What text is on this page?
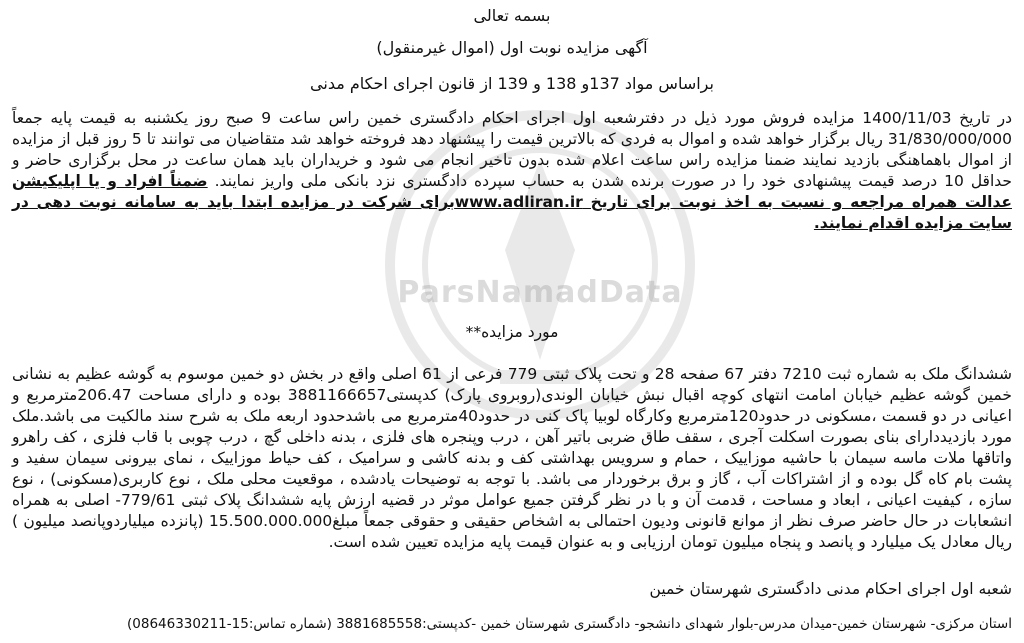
ParsNamadData
بسمه تعالی
آگهی مزایده نوبت اول (اموال غیرمنقول)
براساس مواد 137و 138 و 139 از قانون اجرای احکام مدنی
در تاریخ 1400/11/03 مزایده فروش مورد ذیل در دفترشعبه اول اجرای احکام دادگستری خمین راس ساعت 9 صبح روز یکشنبه به قیمت پایه جمعاً 31/830/000/000 ریال برگزار خواهد شده و اموال به فردی که بالاترین قیمت را پیشنهاد دهد فروخته خواهد شد متقاضیان می توانند تا 5 روز قبل از مزایده از اموال باهماهنگی بازدید نمایند ضمنا مزایده راس ساعت اعلام شده بدون تاخیر انجام می شود و خریداران باید همان ساعت در محل برگزاری حاضر و حداقل 10 درصد قیمت پیشنهادی خود را در صورت برنده شدن به حساب سپرده دادگستری نزد بانکی ملی واریز نمایند. ضمناً افراد و یا اپلیکیشن عدالت همراه مراجعه و نسبت به اخذ نوبت برای تاریخ www.adliran.irبرای شرکت در مزایده ابتدا باید به سامانه نوبت دهی در سایت مزایده اقدام نمایند.
مورد مزایده**
ششدانگ ملک به شماره ثبت 7210 دفتر 67 صفحه 28 و تحت پلاک ثبتی 779 فرعی از 61 اصلی واقع در بخش دو خمین موسوم به گوشه عظیم به نشانی خمین گوشه عظیم خیابان امامت انتهای کوچه اقبال نبش خیابان الوندی(روبروی پارک) کدپستی3881166657 بوده و دارای مساحت 206.47مترمربع و اعیانی در دو قسمت ،مسکونی در حدود120مترمربع وکارگاه لوبیا پاک کنی در حدود40مترمربع می باشدحدود اربعه ملک به شرح سند مالکیت می باشد.ملک مورد بازدیددارای بنای بصورت اسکلت آجری ، سقف طاق ضربی باتیر آهن ، درب وپنجره های فلزی ، بدنه داخلی گچ ، درب چوبی با قاب فلزی ، کف راهرو واتاقها ملات ماسه سیمان با حاشیه موزاییک ، حمام و سرویس بهداشتی کف و بدنه کاشی و سرامیک ، کف حیاط موزاییک ، نمای بیرونی سیمان سفید و پشت بام کاه گل بوده و از اشتراکات آب ، گاز و برق برخوردار می باشد. با توجه به توضیحات یادشده ، موقعیت محلی ملک ، نوع کاربری(مسکونی) ، نوع سازه ، کیفیت اعیانی ، ابعاد و مساحت ، قدمت آن و با در نظر گرفتن جمیع عوامل موثر در قضیه ارزش پایه ششدانگ پلاک ثبتی 779/61- اصلی به همراه انشعابات در حال حاضر صرف نظر از موانع قانونی ودیون احتمالی به اشخاص حقیقی و حقوقی جمعاً مبلغ15.500.000.000 (پانزده میلیاردوپانصد میلیون ) ریال معادل یک میلیارد و پانصد و پنجاه میلیون تومان ارزیابی و به عنوان قیمت پایه مزایده تعیین شده است.
شعبه اول اجرای احکام مدنی دادگستری شهرستان خمین
استان مرکزی- شهرستان خمین-میدان مدرس-بلوار شهدای دانشجو- دادگستری شهرستان خمین -کدپستی:3881685558 (شماره تماس:15-08646330211)
